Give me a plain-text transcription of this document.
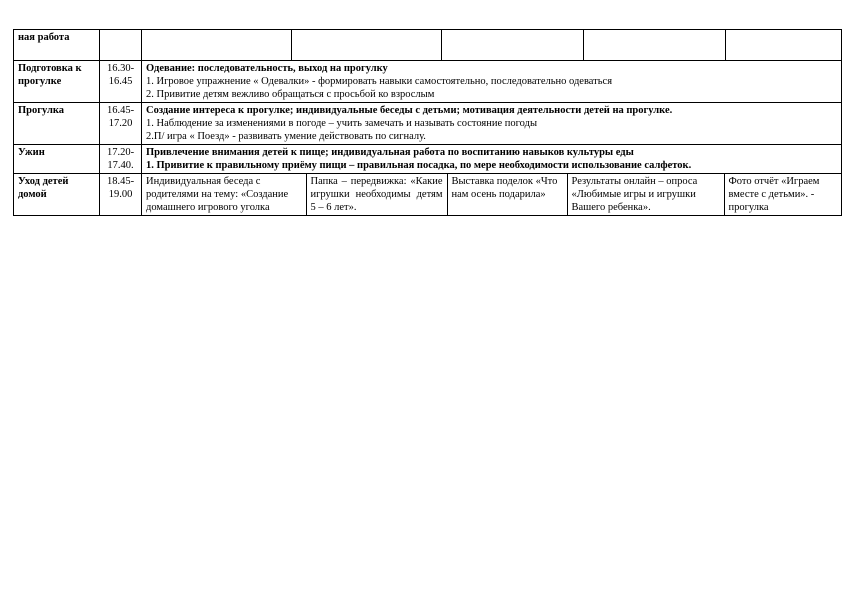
ная работа						
Подготовка к прогулке	16.30-16.45	
Одевание: последовательность, выход на прогулку
1. Игровое упражнение « Одевалки» - формировать навыки самостоятельно, последовательно одеваться
2. Привитие детям вежливо обращаться с просьбой ко взрослым

Прогулка	16.45-17.20	
Создание интереса к прогулке; индивидуальные беседы с детьми; мотивация деятельности детей на прогулке.
1. Наблюдение за изменениями в погоде – учить замечать и называть состояние погоды
2.П/ игра « Поезд» - развивать умение действовать по сигналу.

Ужин	17.20-17.40.	
Привлечение внимания детей к пище; индивидуальная работа по воспитанию навыков культуры еды
1. Привитие к правильному приёму пищи – правильная посадка, по мере необходимости использование салфеток.

Уход детей домой	18.45-19.00	
Индивидуальная беседа с родителями на тему: «Создание домашнего игрового уголка	Папка – передвижка: «Какие игрушки необходимы детям 5 – 6 лет».	Выставка поделок «Что нам осень подарила»	Результаты онлайн – опроса «Любимые игры и игрушки Вашего ребенка».	Фото отчёт «Играем вместе с детьми». - прогулка
